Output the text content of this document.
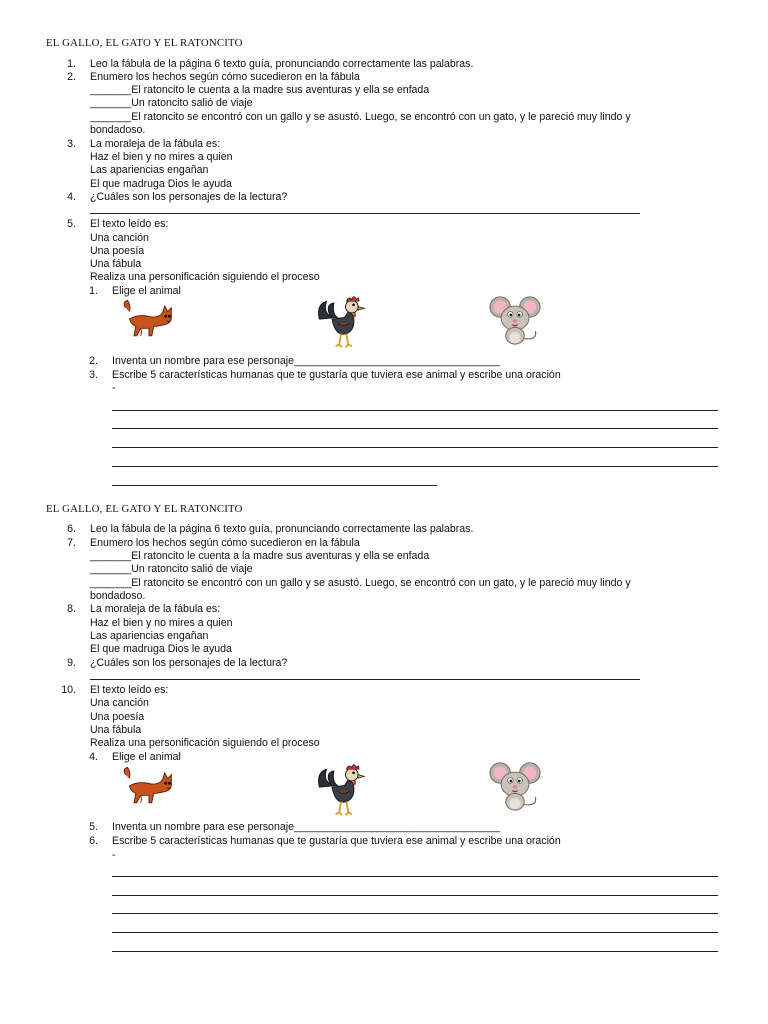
EL GALLO, EL GATO Y EL RATONCITO
1. Leo la fábula de la página 6 texto guía, pronunciando correctamente las palabras.
2. Enumero los hechos según cómo sucedieron en la fábula
_______El ratoncito le cuenta a la madre sus aventuras y ella se enfada
_______Un ratoncito salió de viaje
_______El ratoncito se encontró con un gallo y se asustó. Luego, se encontró con un gato, y le pareció muy lindo y
bondadoso.
3. La moraleja de la fábula es:
Haz el bien y no mires a quien
Las apariencias engañan
El que madruga Dios le ayuda
4. ¿Cuáles son los personajes de la lectura?
5. El texto leído es:
Una canción
Una poesía
Una fábula
Realiza una personificación siguiendo el proceso
1. Elige el animal
2. Inventa un nombre para ese personaje___________________________________
3. Escribe 5 características humanas que te gustaría que tuviera ese animal y escribe una oración
-
EL GALLO, EL GATO Y EL RATONCITO
6. Leo la fábula de la página 6 texto guía, pronunciando correctamente las palabras.
7. Enumero los hechos según cómo sucedieron en la fábula
_______El ratoncito le cuenta a la madre sus aventuras y ella se enfada
_______Un ratoncito salió de viaje
_______El ratoncito se encontró con un gallo y se asustó. Luego, se encontró con un gato, y le pareció muy lindo y
bondadoso.
8. La moraleja de la fábula es:
Haz el bien y no mires a quien
Las apariencias engañan
El que madruga Dios le ayuda
9. ¿Cuáles son los personajes de la lectura?
10. El texto leído es:
Una canción
Una poesía
Una fábula
Realiza una personificación siguiendo el proceso
4. Elige el animal
5. Inventa un nombre para ese personaje___________________________________
6. Escribe 5 características humanas que te gustaría que tuviera ese animal y escribe una oración
-
